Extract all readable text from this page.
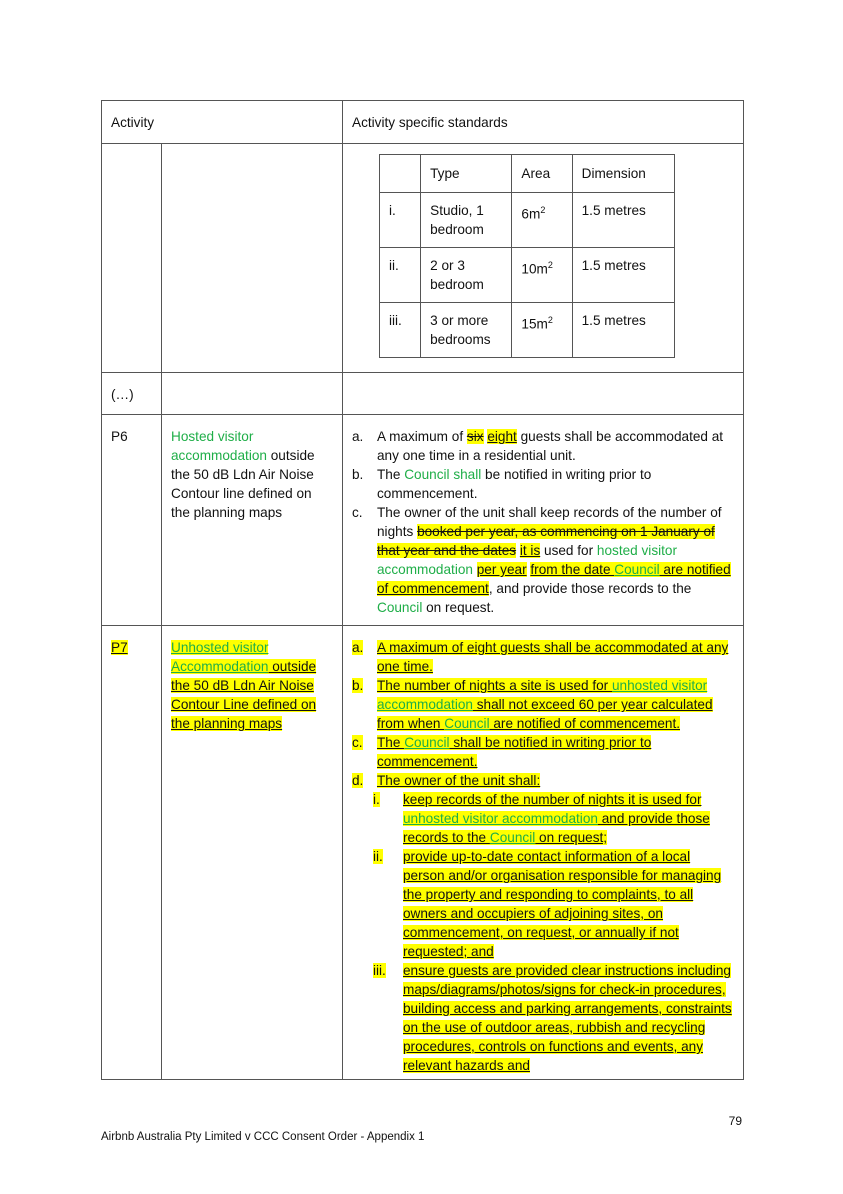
Activity	Activity specific standards

	Type	Area	Dimension
i.	Studio, 1 bedroom	$6m^2$	1.5 metres
ii.	2 or 3 bedroom	$10m^2$	1.5 metres
iii.	3 or more bedrooms	$15m^2$	1.5 metres

(…)

P6	Hosted visitor accommodation outside the 50 dB Ldn Air Noise Contour line defined on the planning maps

a.	A maximum of six eight guests shall be accommodated at any one time in a residential unit.
b.	The Council shall be notified in writing prior to commencement.
c.	The owner of the unit shall keep records of the number of nights booked per year, as commencing on 1 January of that year and the dates it is used for hosted visitor accommodation per year from the date Council are notified of commencement, and provide those records to the Council on request.

P7	Unhosted visitor Accommodation outside the 50 dB Ldn Air Noise Contour Line defined on the planning maps

a.	A maximum of eight guests shall be accommodated at any one time.
b.	The number of nights a site is used for unhosted visitor accommodation shall not exceed 60 per year calculated from when Council are notified of commencement.
c.	The Council shall be notified in writing prior to commencement.
d.	The owner of the unit shall:
i.	keep records of the number of nights it is used for unhosted visitor accommodation and provide those records to the Council on request;
ii.	provide up-to-date contact information of a local person and/or organisation responsible for managing the property and responding to complaints, to all owners and occupiers of adjoining sites, on commencement, on request, or annually if not requested; and
iii.	ensure guests are provided clear instructions including maps/diagrams/photos/signs for check-in procedures, building access and parking arrangements, constraints on the use of outdoor areas, rubbish and recycling procedures, controls on functions and events, any relevant hazards and
79
Airbnb Australia Pty Limited v CCC Consent Order - Appendix 1
